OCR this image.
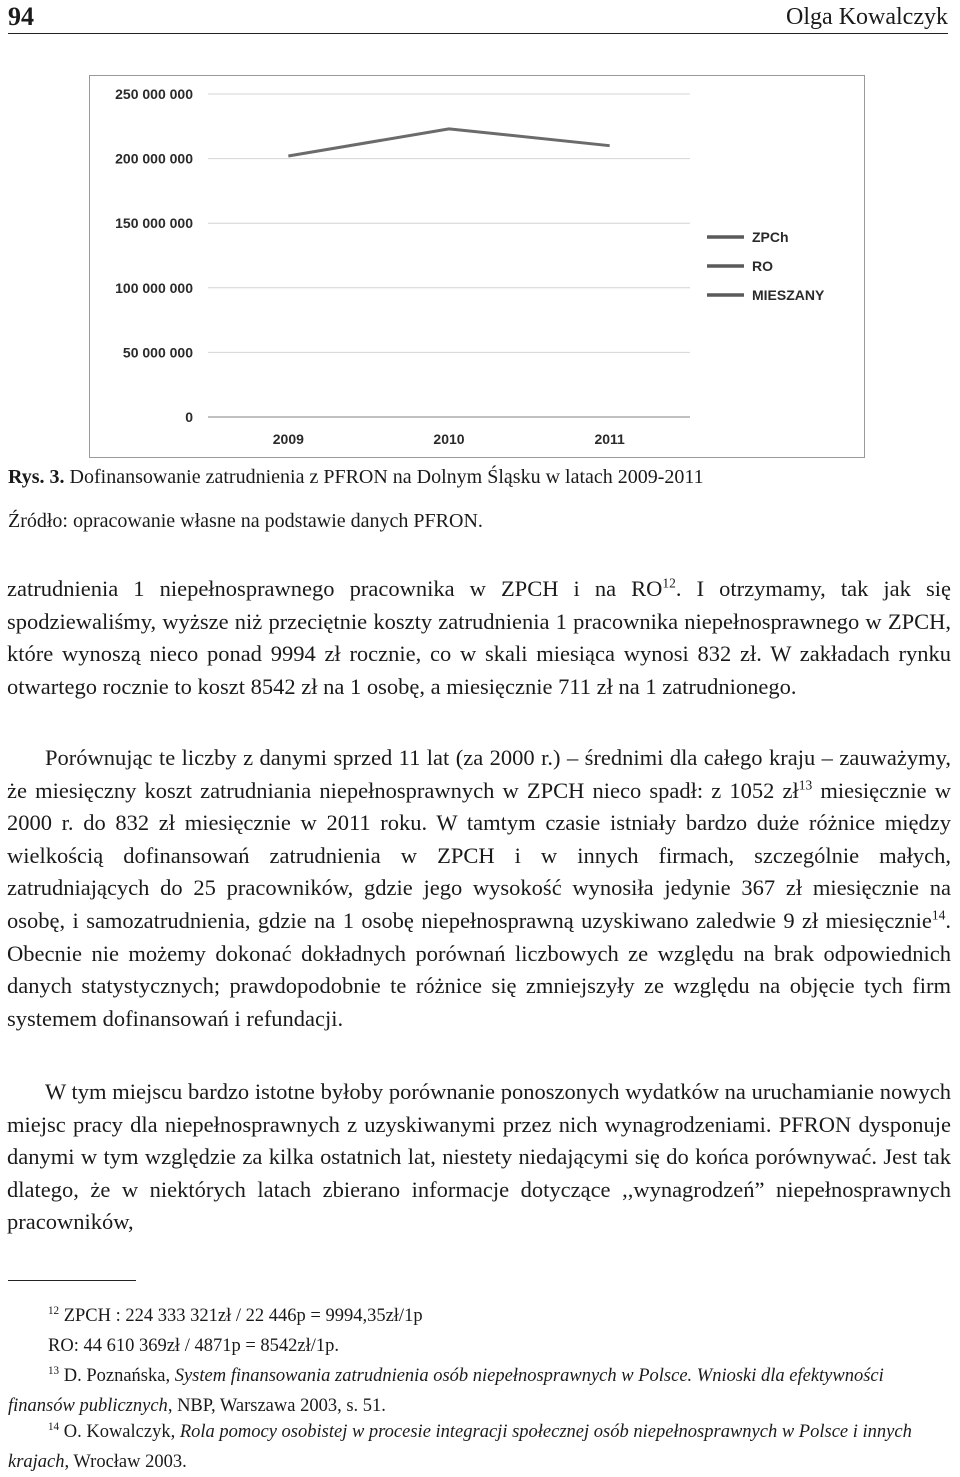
94	Olga Kowalczyk
250 000 000
200 000 000
150 000 000
100 000 000
50 000 000
0
2009	2010	2011
ZPCh
RO
MIESZANY
Rys. 3. Dofinansowanie zatrudnienia z PFRON na Dolnym Śląsku w latach 2009-2011
Źródło: opracowanie własne na podstawie danych PFRON.

zatrudnienia 1 niepełnosprawnego pracownika w ZPCH i na RO$^{12}$. I otrzymamy, tak jak się spodziewaliśmy, wyższe niż przeciętnie koszty zatrudnienia 1 pracownika niepełnosprawnego w ZPCH, które wynoszą nieco ponad 9994 zł rocznie, co w skali miesiąca wynosi 832 zł. W zakładach rynku otwartego rocznie to koszt 8542 zł na 1 osobę, a miesięcznie 711 zł na 1 zatrudnionego.

Porównując te liczby z danymi sprzed 11 lat (za 2000 r.) – średnimi dla całego kraju – zauważymy, że miesięczny koszt zatrudniania niepełnosprawnych w ZPCH nieco spadł: z 1052 $zł^{13}$ miesięcznie w 2000 r. do 832 zł miesięcznie w 2011 roku. W tamtym czasie istniały bardzo duże różnice między wielkością dofinansowań zatrudnienia w ZPCH i w innych firmach, szczególnie małych, zatrudniających do 25 pracowników, gdzie jego wysokość wynosiła jedynie 367 zł miesięcznie na osobę, i samozatrudnienia, gdzie na 1 osobę niepełnosprawną uzyskiwano zaledwie 9 zł miesięcznie$^{14}$. Obecnie nie możemy dokonać dokładnych porównań liczbowych ze względu na brak odpowiednich danych statystycznych; prawdopodobnie te różnice się zmniejszyły ze względu na objęcie tych firm systemem dofinansowań i refundacji.

W tym miejscu bardzo istotne byłoby porównanie ponoszonych wydatków na uruchamianie nowych miejsc pracy dla niepełnosprawnych z uzyskiwanymi przez nich wynagrodzeniami. PFRON dysponuje danymi w tym względzie za kilka ostatnich lat, niestety niedającymi się do końca porównywać. Jest tak dlatego, że w niektórych latach zbierano informacje dotyczące ,,wynagrodzeń” niepełnosprawnych pracowników,

$^{12}$ ZPCH : 224 333 321zł / 22 446p = 9994,35zł/1p
RO: 44 610 369zł / 4871p = 8542zł/1p.

$^{13}$ D. Poznańska, System finansowania zatrudnienia osób niepełnosprawnych w Polsce. Wnioski dla efektywności finansów publicznych, NBP, Warszawa 2003, s. 51.

$^{14}$ O. Kowalczyk, Rola pomocy osobistej w procesie integracji społecznej osób niepełnosprawnych w Polsce i innych krajach, Wrocław 2003.
